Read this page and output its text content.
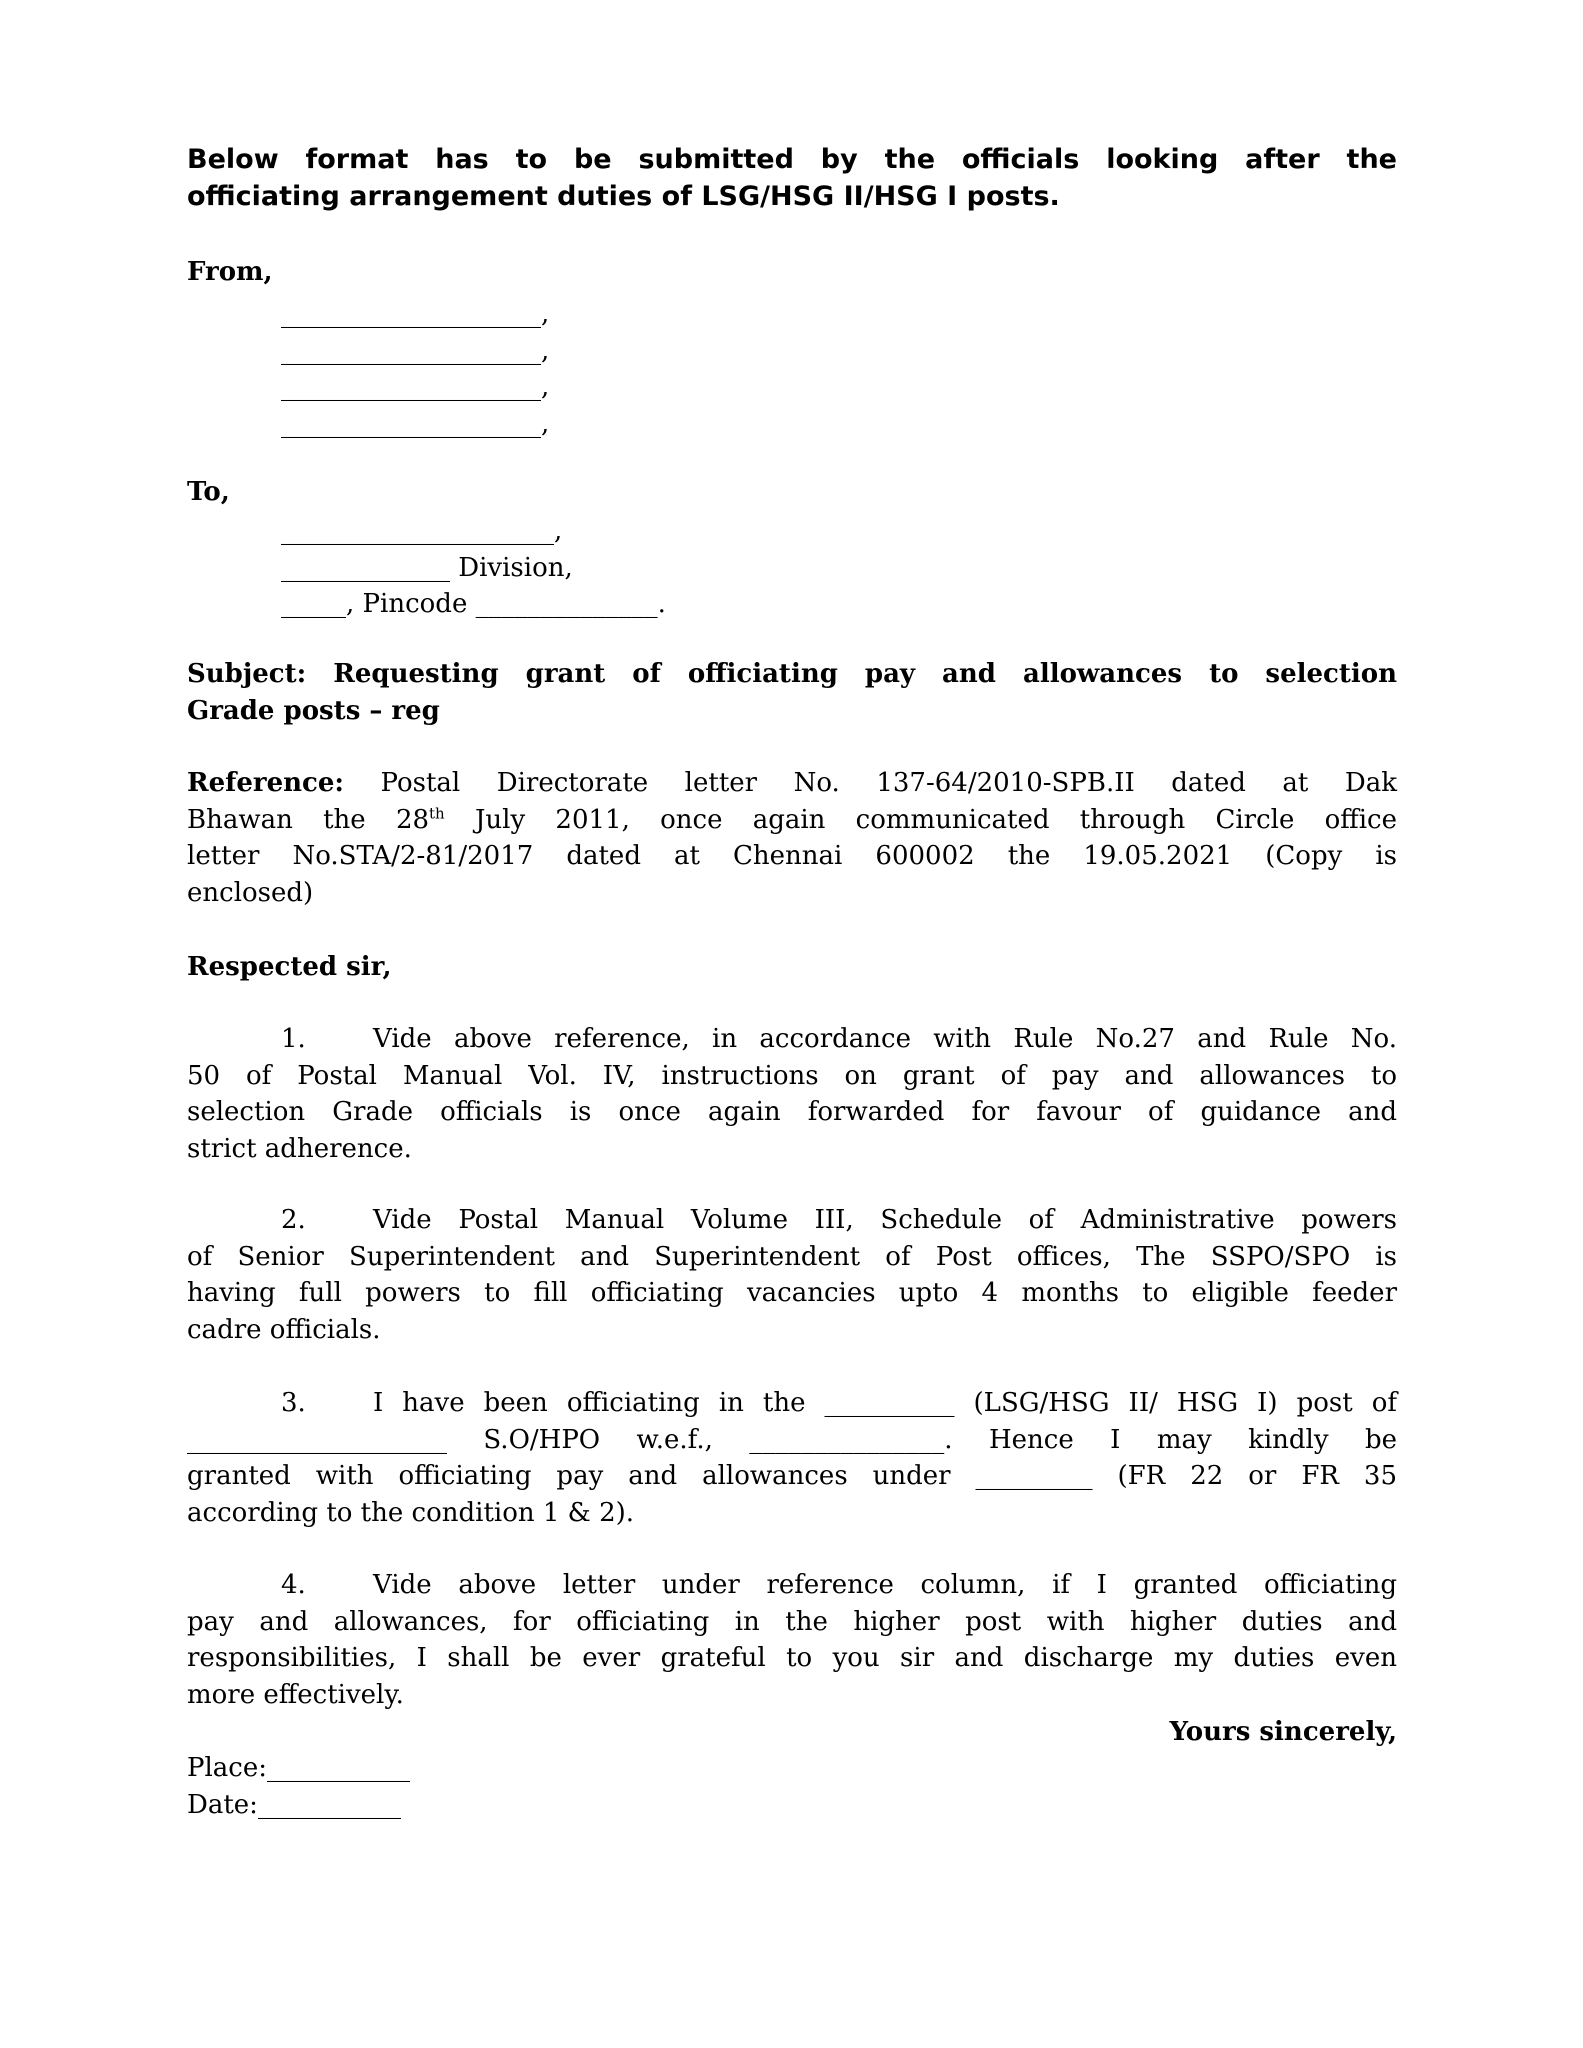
Below format has to be submitted by the officials looking after the
officiating arrangement duties of LSG/HSG II/HSG I posts.
From,
____________________,
____________________,
____________________,
____________________,
To,
_____________________,
_____________ Division,
_____, Pincode ______________.
Subject: Requesting grant of officiating pay and allowances to selection
Grade posts – reg
Reference: Postal Directorate letter No. 137-64/2010-SPB.II dated at Dak
Bhawan the 28th July 2011, once again communicated through Circle office
letter No.STA/2-81/2017 dated at Chennai 600002 the 19.05.2021 (Copy is
enclosed)
Respected sir,
1.	Vide above reference, in accordance with Rule No.27 and Rule No.
50 of Postal Manual Vol. IV, instructions on grant of pay and allowances to
selection Grade officials is once again forwarded for favour of guidance and
strict adherence.
2.	Vide Postal Manual Volume III, Schedule of Administrative powers
of Senior Superintendent and Superintendent of Post offices, The SSPO/SPO is
having full powers to fill officiating vacancies upto 4 months to eligible feeder
cadre officials.
3.	I have been officiating in the __________ (LSG/HSG II/ HSG I) post of
____________________ S.O/HPO w.e.f., _______________. Hence I may kindly be
granted with officiating pay and allowances under _________ (FR 22 or FR 35
according to the condition 1 & 2).
4.	Vide above letter under reference column, if I granted officiating
pay and allowances, for officiating in the higher post with higher duties and
responsibilities, I shall be ever grateful to you sir and discharge my duties even
more effectively.
Yours sincerely,
Place:___________
Date:___________
